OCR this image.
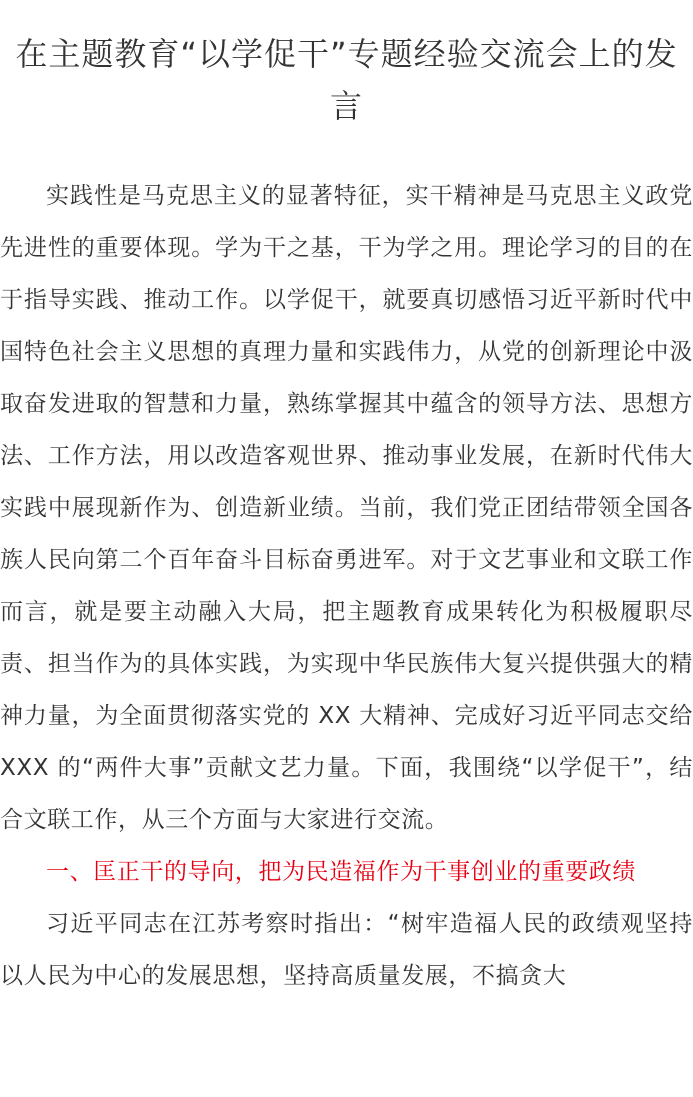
在主题教育“以学促干”专题经验交流会上的发言

实践性是马克思主义的显著特征，实干精神是马克思主义政党先进性的重要体现。学为干之基，干为学之用。理论学习的目的在于指导实践、推动工作。以学促干，就要真切感悟习近平新时代中国特色社会主义思想的真理力量和实践伟力，从党的创新理论中汲取奋发进取的智慧和力量，熟练掌握其中蕴含的领导方法、思想方法、工作方法，用以改造客观世界、推动事业发展，在新时代伟大实践中展现新作为、创造新业绩。当前，我们党正团结带领全国各族人民向第二个百年奋斗目标奋勇进军。对于文艺事业和文联工作而言，就是要主动融入大局，把主题教育成果转化为积极履职尽责、担当作为的具体实践，为实现中华民族伟大复兴提供强大的精神力量，为全面贯彻落实党的 XX 大精神、完成好习近平同志交给 XXX 的“两件大事”贡献文艺力量。下面，我围绕“以学促干”，结合文联工作，从三个方面与大家进行交流。

一、匡正干的导向，把为民造福作为干事创业的重要政绩

习近平同志在江苏考察时指出：“树牢造福人民的政绩观坚持以人民为中心的发展思想，坚持高质量发展，不搞贪大
